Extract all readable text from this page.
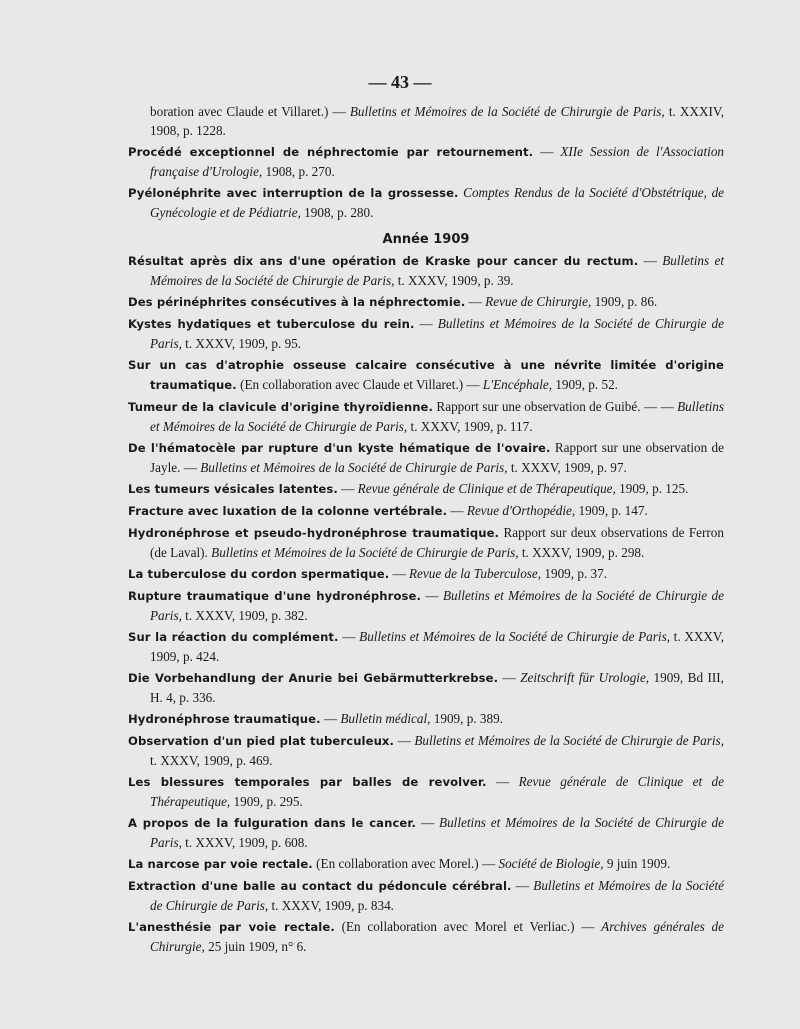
— 43 —

boration avec Claude et Villaret.) — Bulletins et Mémoires de la Société de Chirurgie de Paris, t. XXXIV, 1908, p. 1228.

Procédé exceptionnel de néphrectomie par retournement. — XIIe Session de l'Association française d'Urologie, 1908, p. 270.

Pyélonéphrite avec interruption de la grossesse. Comptes Rendus de la Société d'Obstétrique, de Gynécologie et de Pédiatrie, 1908, p. 280.

Année 1909

Résultat après dix ans d'une opération de Kraske pour cancer du rectum. — Bulletins et Mémoires de la Société de Chirurgie de Paris, t. XXXV, 1909, p. 39.

Des périnéphrites consécutives à la néphrectomie. — Revue de Chirurgie, 1909, p. 86.

Kystes hydatiques et tuberculose du rein. — Bulletins et Mémoires de la Société de Chirurgie de Paris, t. XXXV, 1909, p. 95.

Sur un cas d'atrophie osseuse calcaire consécutive à une névrite limitée d'origine traumatique. (En collaboration avec Claude et Villaret.) — L'Encéphale, 1909, p. 52.

Tumeur de la clavicule d'origine thyroïdienne. Rapport sur une observation de Guibé. — — Bulletins et Mémoires de la Société de Chirurgie de Paris, t. XXXV, 1909, p. 117.

De l'hématocèle par rupture d'un kyste hématique de l'ovaire. Rapport sur une observation de Jayle. — Bulletins et Mémoires de la Société de Chirurgie de Paris, t. XXXV, 1909, p. 97.

Les tumeurs vésicales latentes. — Revue générale de Clinique et de Thérapeutique, 1909, p. 125.

Fracture avec luxation de la colonne vertébrale. — Revue d'Orthopédie, 1909, p. 147.

Hydronéphrose et pseudo-hydronéphrose traumatique. Rapport sur deux observations de Ferron (de Laval). Bulletins et Mémoires de la Société de Chirurgie de Paris, t. XXXV, 1909, p. 298.

La tuberculose du cordon spermatique. — Revue de la Tuberculose, 1909, p. 37.

Rupture traumatique d'une hydronéphrose. — Bulletins et Mémoires de la Société de Chirurgie de Paris, t. XXXV, 1909, p. 382.

Sur la réaction du complément. — Bulletins et Mémoires de la Société de Chirurgie de Paris, t. XXXV, 1909, p. 424.

Die Vorbehandlung der Anurie bei Gebärmutterkrebse. — Zeitschrift für Urologie, 1909, Bd III, H. 4, p. 336.

Hydronéphrose traumatique. — Bulletin médical, 1909, p. 389.

Observation d'un pied plat tuberculeux. — Bulletins et Mémoires de la Société de Chirurgie de Paris, t. XXXV, 1909, p. 469.

Les blessures temporales par balles de revolver. — Revue générale de Clinique et de Thérapeutique, 1909, p. 295.

A propos de la fulguration dans le cancer. — Bulletins et Mémoires de la Société de Chirurgie de Paris, t. XXXV, 1909, p. 608.

La narcose par voie rectale. (En collaboration avec Morel.) — Société de Biologie, 9 juin 1909.

Extraction d'une balle au contact du pédoncule cérébral. — Bulletins et Mémoires de la Société de Chirurgie de Paris, t. XXXV, 1909, p. 834.

L'anesthésie par voie rectale. (En collaboration avec Morel et Verliac.) — Archives générales de Chirurgie, 25 juin 1909, n° 6.
